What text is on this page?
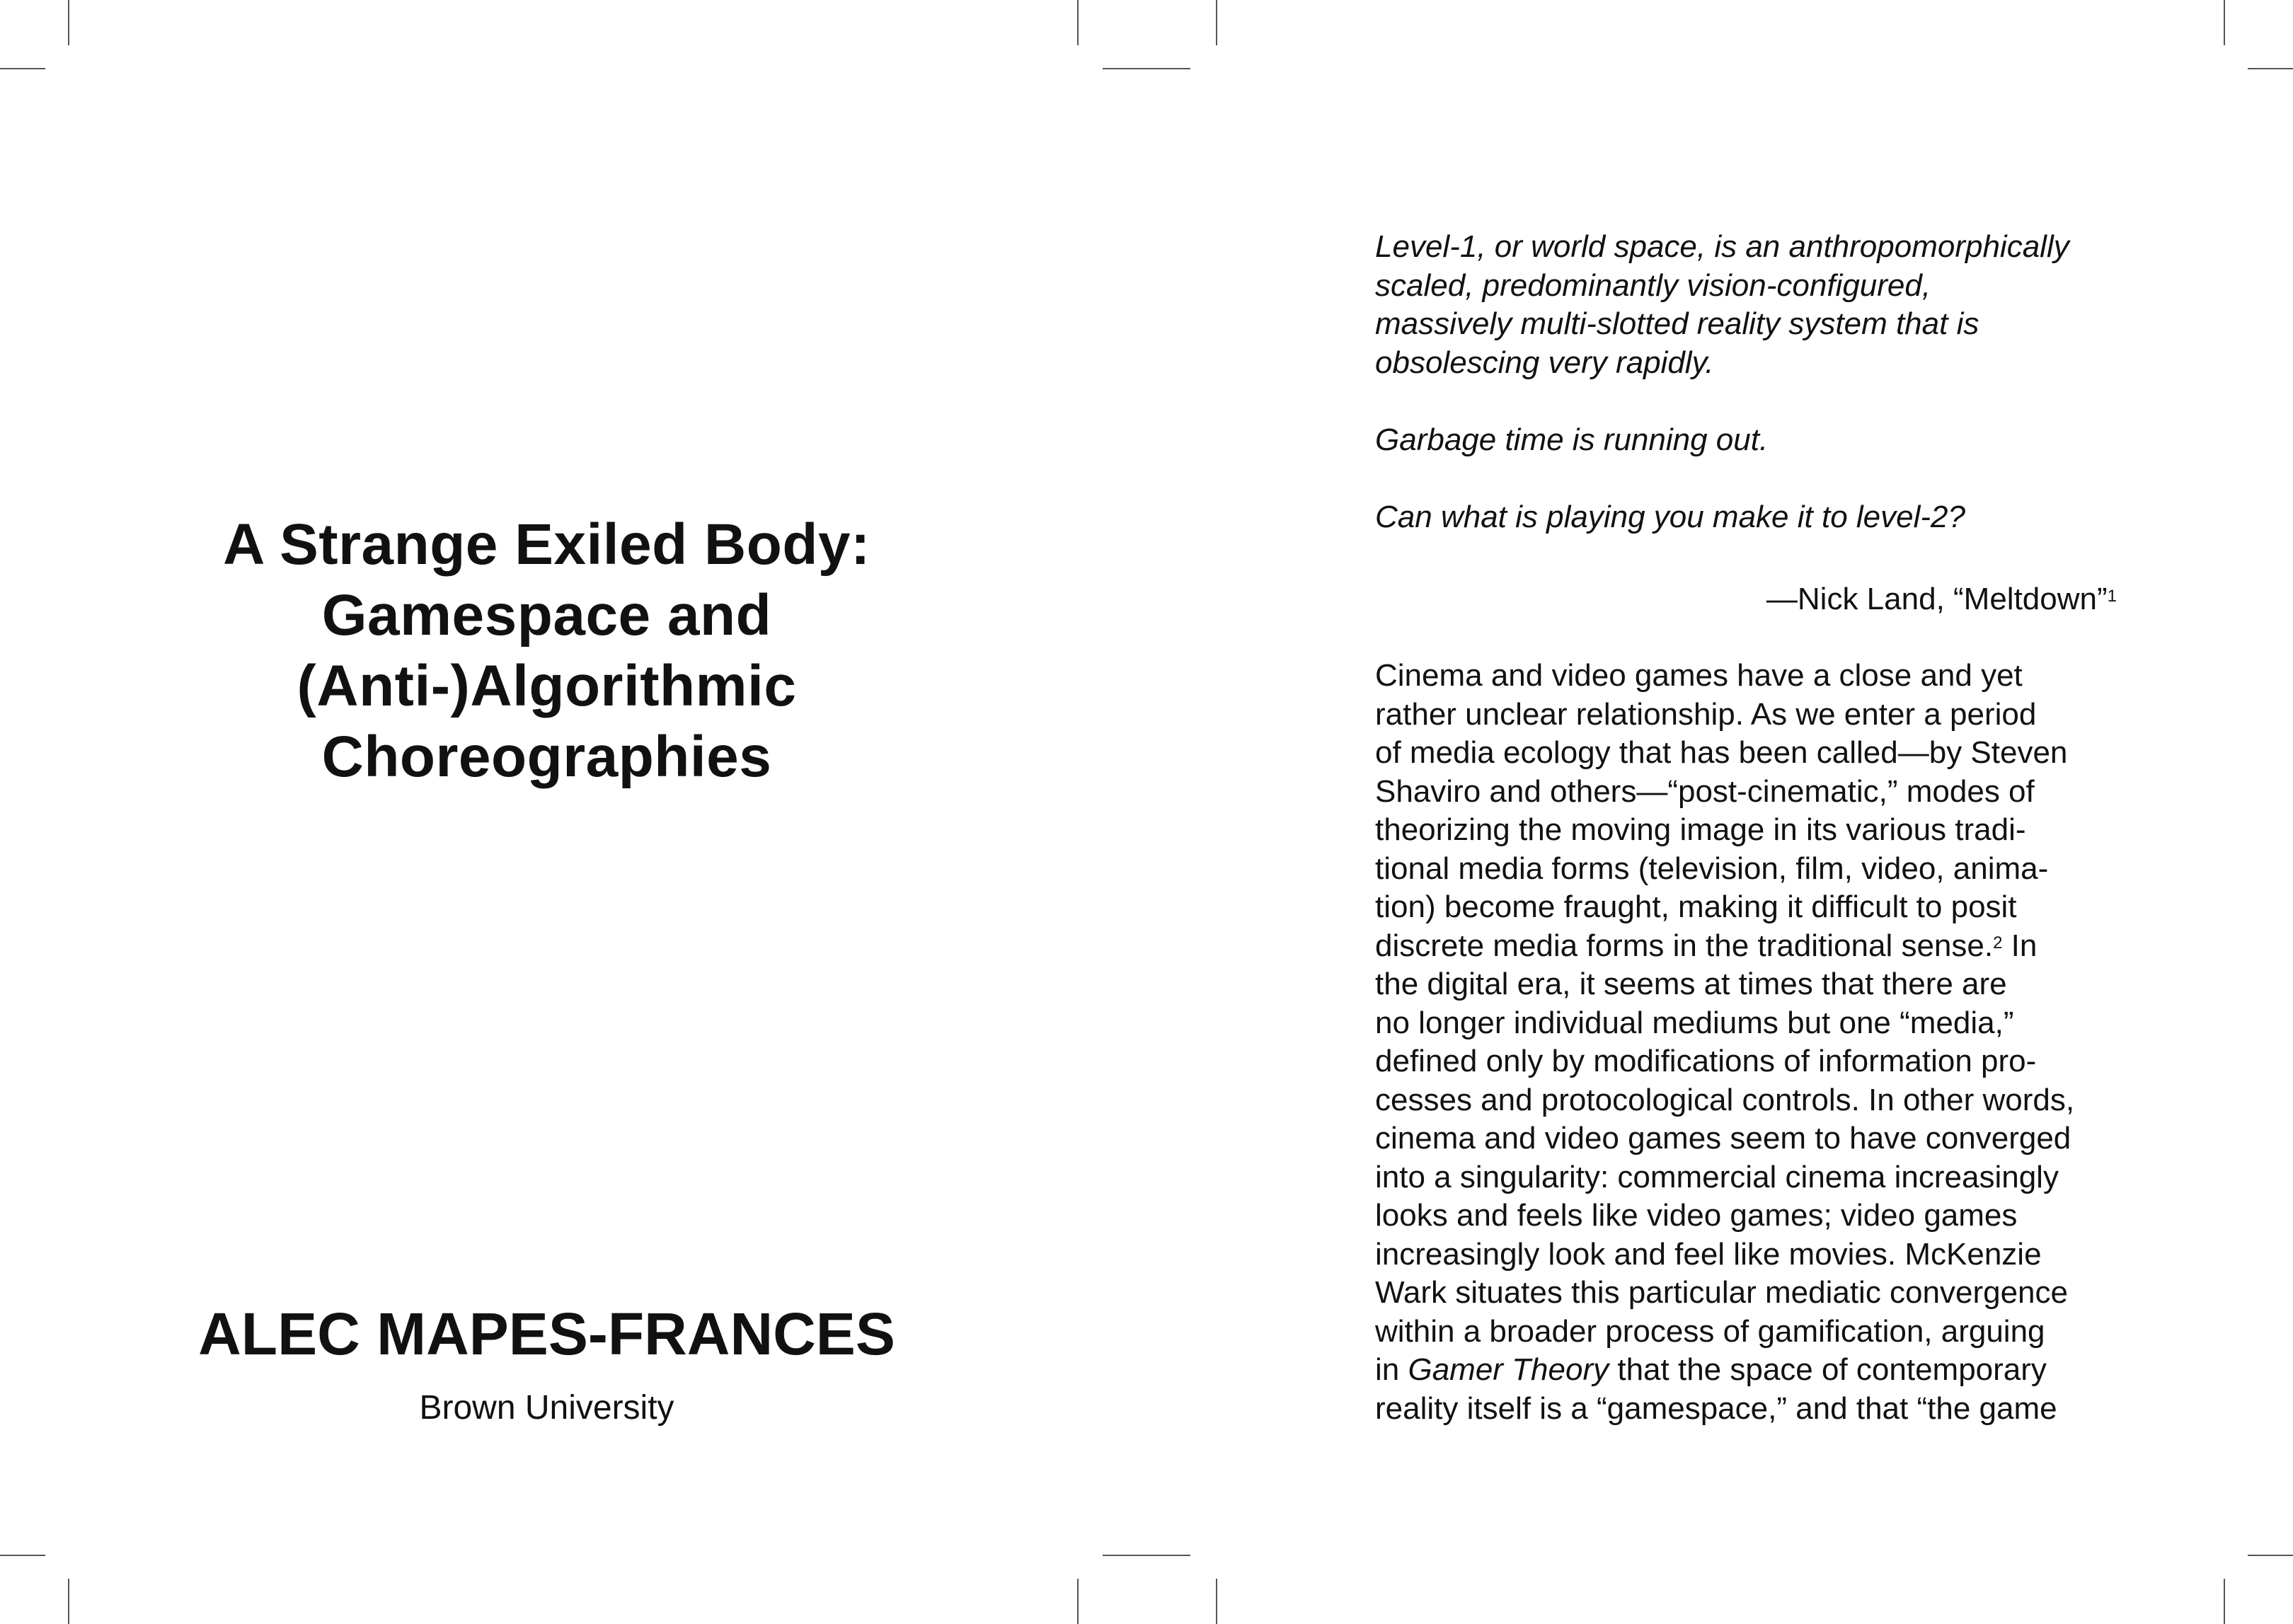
A Strange Exiled Body:
Gamespace and
(Anti-)Algorithmic
Choreographies
ALEC MAPES-FRANCES
Brown University
Level-1, or world space, is an anthropomorphically
scaled, predominantly vision-configured,
massively multi-slotted reality system that is
obsolescing very rapidly.
Garbage time is running out.
Can what is playing you make it to level-2?
—Nick Land, “Meltdown”$^1$
Cinema and video games have a close and yet
rather unclear relationship. As we enter a period
of media ecology that has been called—by Steven
Shaviro and others—“post-cinematic,” modes of
theorizing the moving image in its various tradi-
tional media forms (television, film, video, anima-
tion) become fraught, making it difficult to posit
discrete media forms in the traditional sense.$^2$ In
the digital era, it seems at times that there are
no longer individual mediums but one “media,”
defined only by modifications of information pro-
cesses and protocological controls. In other words,
cinema and video games seem to have converged
into a singularity: commercial cinema increasingly
looks and feels like video games; video games
increasingly look and feel like movies. McKenzie
Wark situates this particular mediatic convergence
within a broader process of gamification, arguing
in Gamer Theory that the space of contemporary
reality itself is a “gamespace,” and that “the game
